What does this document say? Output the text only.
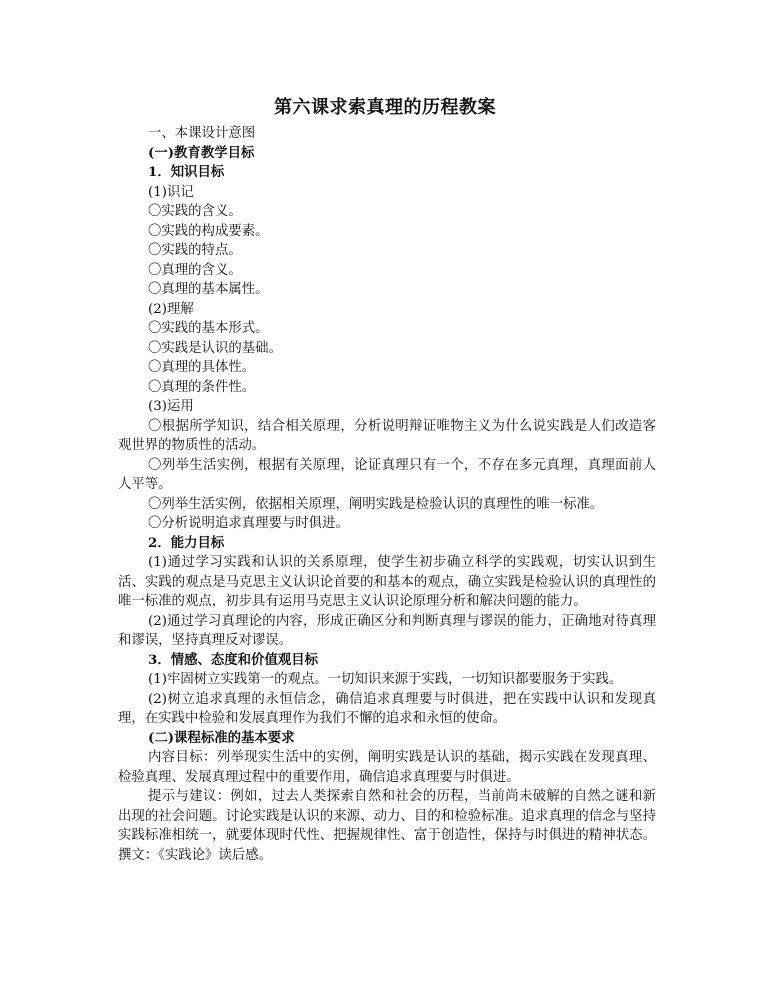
第六课求索真理的历程教案

一、本课设计意图

(一)教育教学目标

1．知识目标

(1)识记

〇实践的含义。

〇实践的构成要素。

〇实践的特点。

〇真理的含义。

〇真理的基本属性。

(2)理解

〇实践的基本形式。

〇实践是认识的基础。

〇真理的具体性。

〇真理的条件性。

(3)运用

〇根据所学知识，结合相关原理，分析说明辩证唯物主义为什么说实践是人们改造客观世界的物质性的活动。

〇列举生活实例，根据有关原理，论证真理只有一个，不存在多元真理，真理面前人人平等。

〇列举生活实例，依据相关原理，阐明实践是检验认识的真理性的唯一标准。

〇分析说明追求真理要与时俱进。

2．能力目标

(1)通过学习实践和认识的关系原理，使学生初步确立科学的实践观，切实认识到生活、实践的观点是马克思主义认识论首要的和基本的观点，确立实践是检验认识的真理性的唯一标准的观点，初步具有运用马克思主义认识论原理分析和解决问题的能力。

(2)通过学习真理论的内容，形成正确区分和判断真理与谬误的能力，正确地对待真理和谬误，坚持真理反对谬误。

3．情感、态度和价值观目标

(1)牢固树立实践第一的观点。一切知识来源于实践，一切知识都要服务于实践。

(2)树立追求真理的永恒信念，确信追求真理要与时俱进，把在实践中认识和发现真理，在实践中检验和发展真理作为我们不懈的追求和永恒的使命。

(二)课程标准的基本要求

内容目标：列举现实生活中的实例，阐明实践是认识的基础，揭示实践在发现真理、检验真理、发展真理过程中的重要作用，确信追求真理要与时俱进。

提示与建议：例如，过去人类探索自然和社会的历程，当前尚未破解的自然之谜和新出现的社会问题。讨论实践是认识的来源、动力、目的和检验标准。追求真理的信念与坚持实践标准相统一，就要体现时代性、把握规律性、富于创造性，保持与时俱进的精神状态。撰文：《实践论》读后感。
